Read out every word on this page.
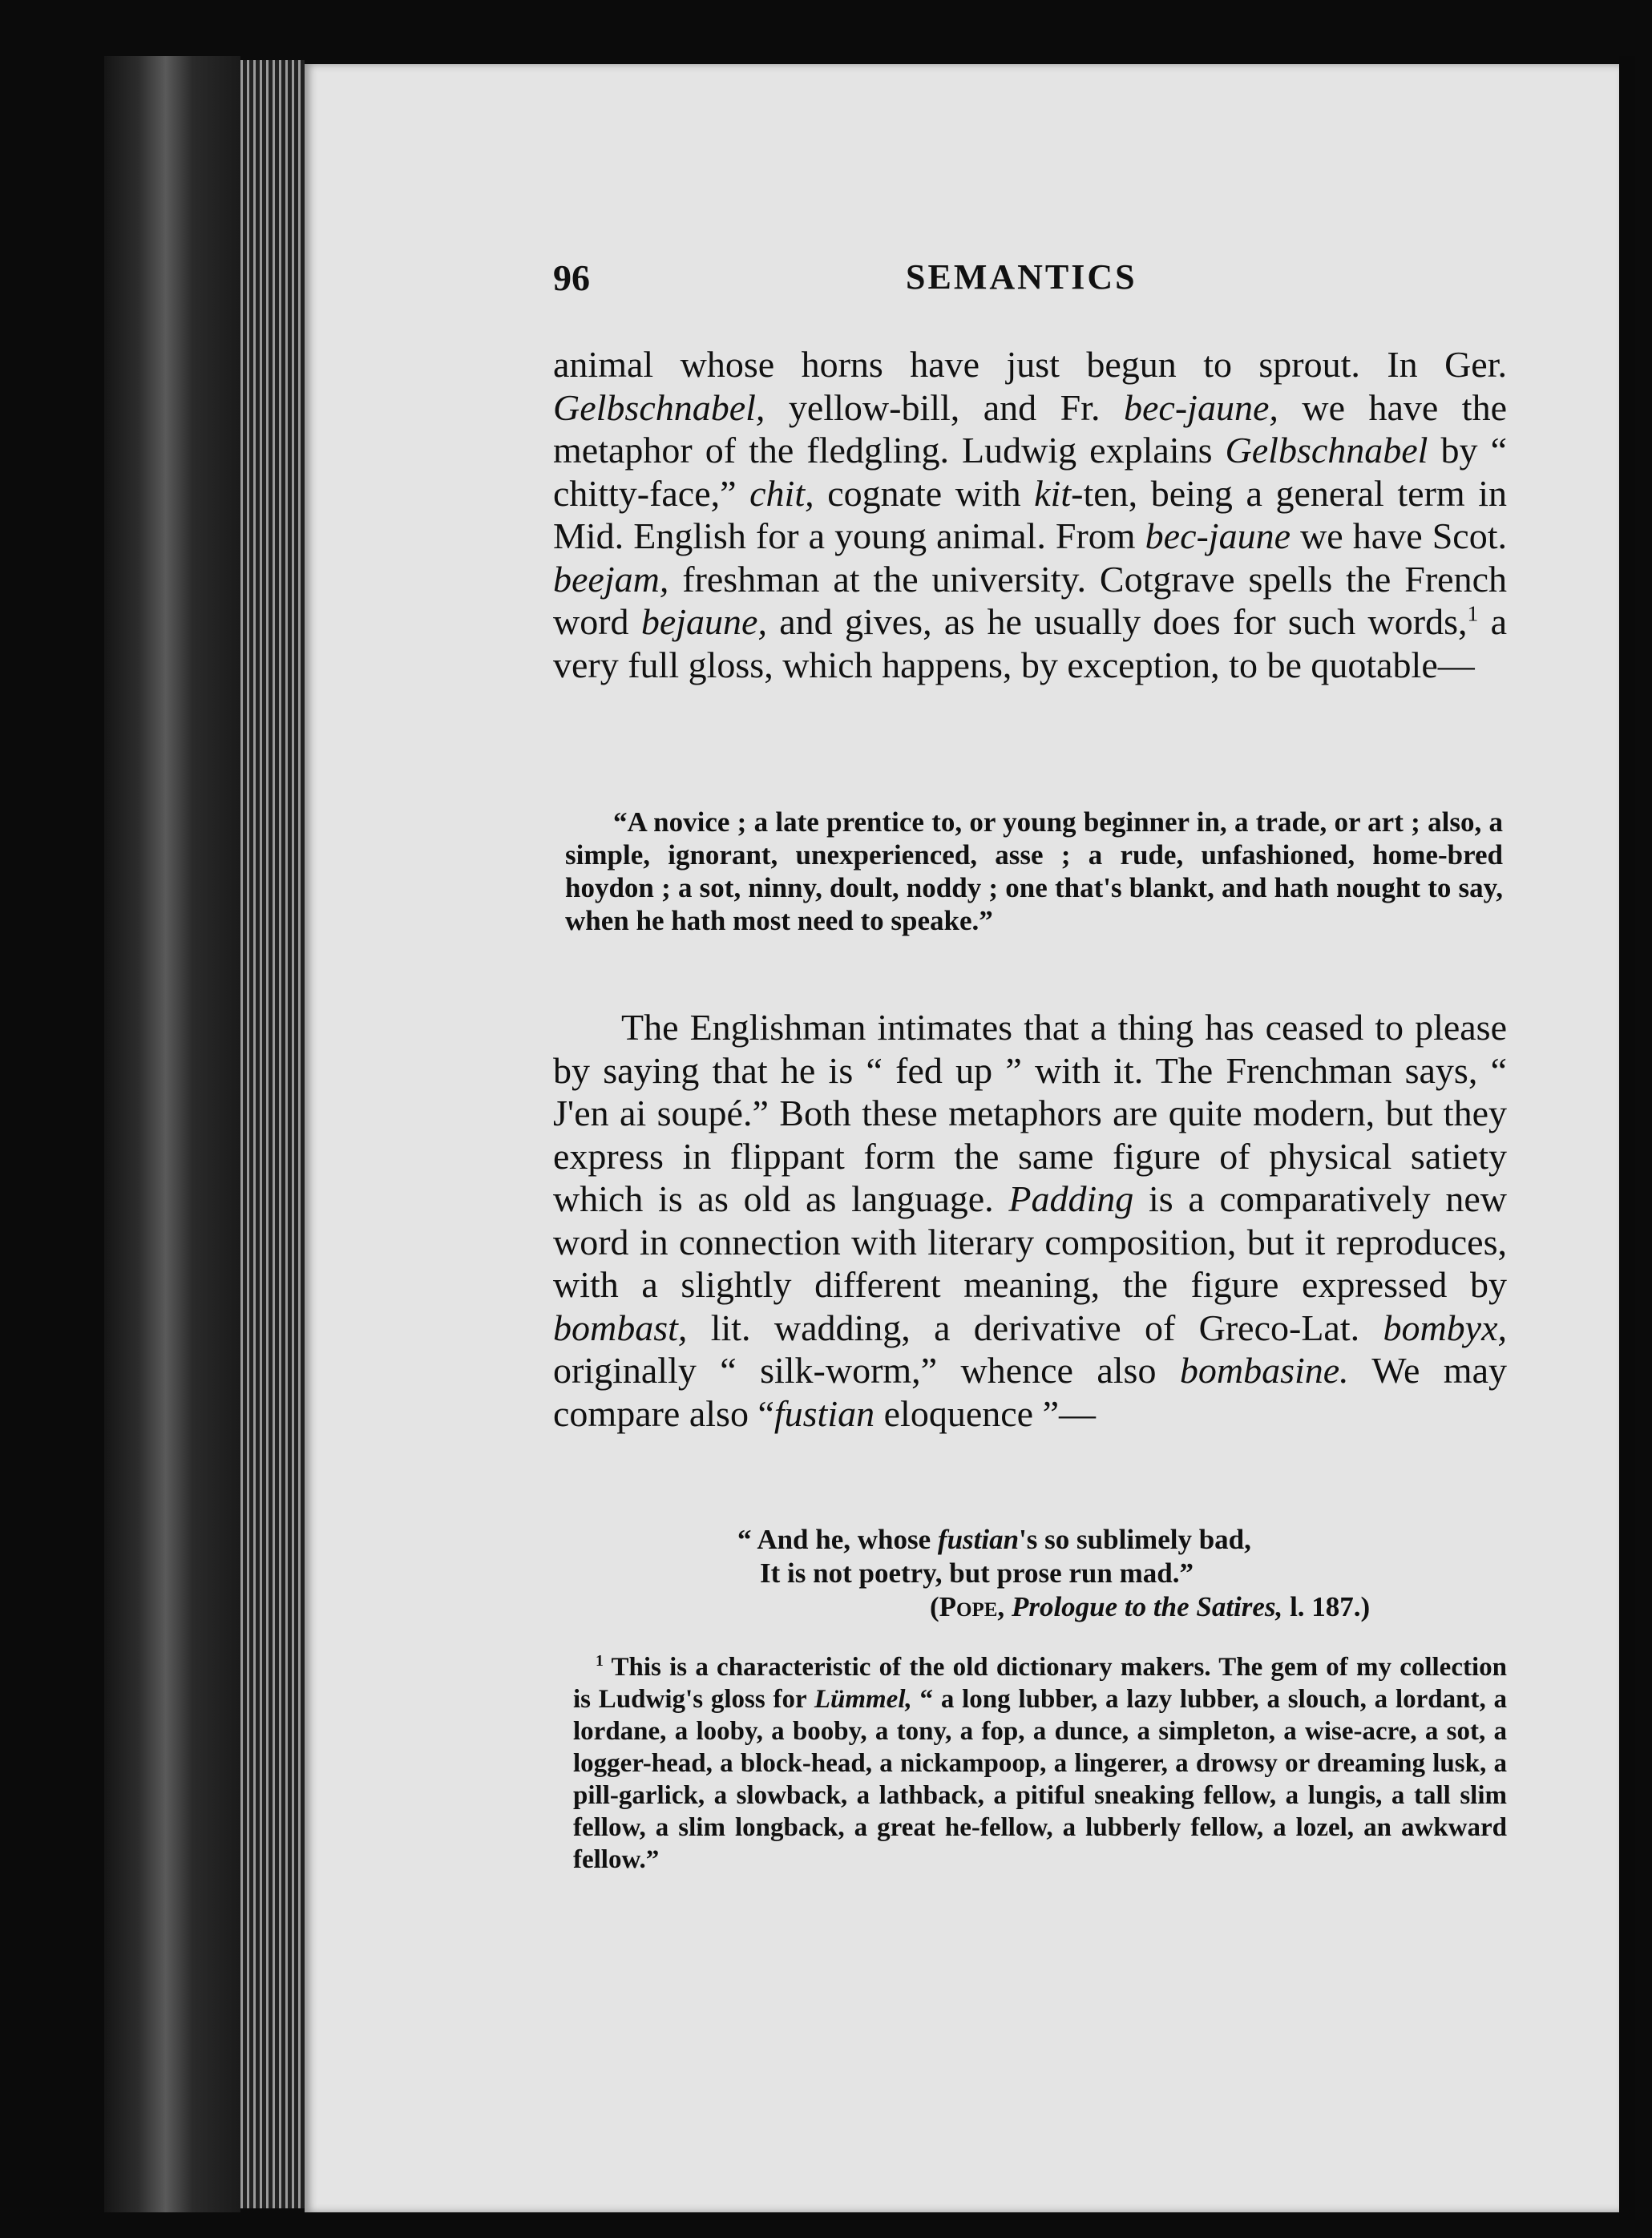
96	SEMANTICS

animal whose horns have just begun to sprout. In Ger. Gelbschnabel, yellow-bill, and Fr. bec-jaune, we have the metaphor of the fledgling. Ludwig explains Gelbschnabel by “ chitty-face,” chit, cognate with kit-ten, being a general term in Mid. English for a young animal. From bec-jaune we have Scot. beejam, freshman at the university. Cotgrave spells the French word bejaune, and gives, as he usually does for such words,$^1$ a very full gloss, which happens, by exception, to be quotable—

“A novice ; a late prentice to, or young beginner in, a trade, or art ; also, a simple, ignorant, unexperienced, asse ; a rude, unfashioned, home-bred hoydon ; a sot, ninny, doult, noddy ; one that's blankt, and hath nought to say, when he hath most need to speake.”

The Englishman intimates that a thing has ceased to please by saying that he is “ fed up ” with it. The Frenchman says, “ J'en ai soupé.” Both these metaphors are quite modern, but they express in flippant form the same figure of physical satiety which is as old as language. Padding is a comparatively new word in connection with literary composition, but it reproduces, with a slightly different meaning, the figure expressed by bombast, lit. wadding, a derivative of Greco-Lat. bombyx, originally “ silk-worm,” whence also bombasine. We may compare also “fustian eloquence ”—

“ And he, whose fustian's so sublimely bad,
It is not poetry, but prose run mad.”
(Pope, Prologue to the Satires, l. 187.)
$^1$ This is a characteristic of the old dictionary makers. The gem of my collection is Ludwig's gloss for Lümmel, “ a long lubber, a lazy lubber, a slouch, a lordant, a lordane, a looby, a booby, a tony, a fop, a dunce, a simpleton, a wise-acre, a sot, a logger-head, a block-head, a nickampoop, a lingerer, a drowsy or dreaming lusk, a pill-garlick, a slowback, a lathback, a pitiful sneaking fellow, a lungis, a tall slim fellow, a slim longback, a great he-fellow, a lubberly fellow, a lozel, an awkward fellow.”
